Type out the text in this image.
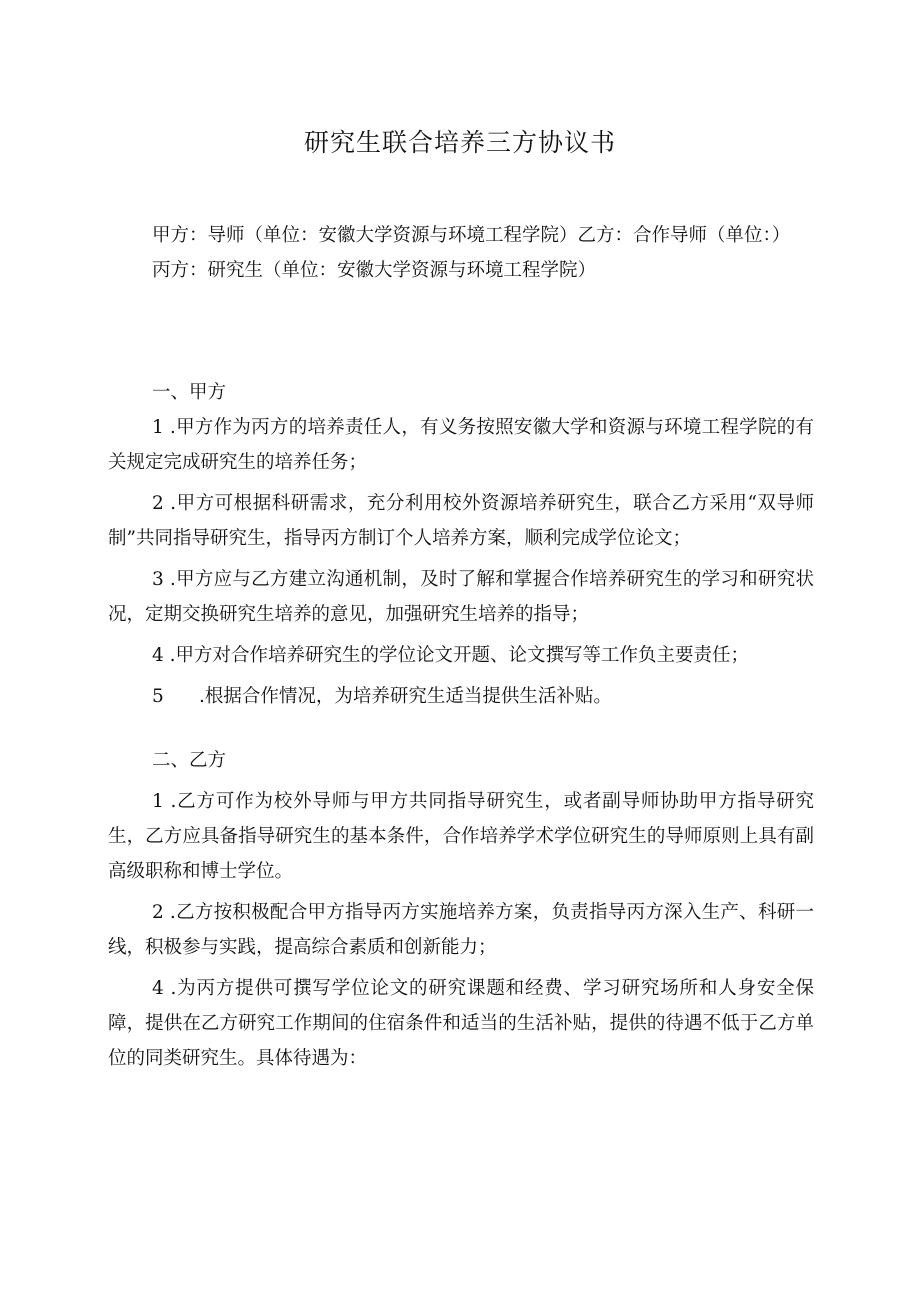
研究生联合培养三方协议书

甲方：导师（单位：安徽大学资源与环境工程学院）乙方：合作导师（单位：）

丙方：研究生（单位：安徽大学资源与环境工程学院）

一、甲方

1 .甲方作为丙方的培养责任人，有义务按照安徽大学和资源与环境工程学院的有关规定完成研究生的培养任务；

2 .甲方可根据科研需求，充分利用校外资源培养研究生，联合乙方采用“双导师制”共同指导研究生，指导丙方制订个人培养方案，顺利完成学位论文；

3 .甲方应与乙方建立沟通机制，及时了解和掌握合作培养研究生的学习和研究状况，定期交换研究生培养的意见，加强研究生培养的指导；

4 .甲方对合作培养研究生的学位论文开题、论文撰写等工作负主要责任；

5      .根据合作情况，为培养研究生适当提供生活补贴。

二、乙方

1 .乙方可作为校外导师与甲方共同指导研究生，或者副导师协助甲方指导研究生，乙方应具备指导研究生的基本条件，合作培养学术学位研究生的导师原则上具有副高级职称和博士学位。

2 .乙方按积极配合甲方指导丙方实施培养方案，负责指导丙方深入生产、科研一线，积极参与实践，提高综合素质和创新能力；

4 .为丙方提供可撰写学位论文的研究课题和经费、学习研究场所和人身安全保障，提供在乙方研究工作期间的住宿条件和适当的生活补贴，提供的待遇不低于乙方单位的同类研究生。具体待遇为：
